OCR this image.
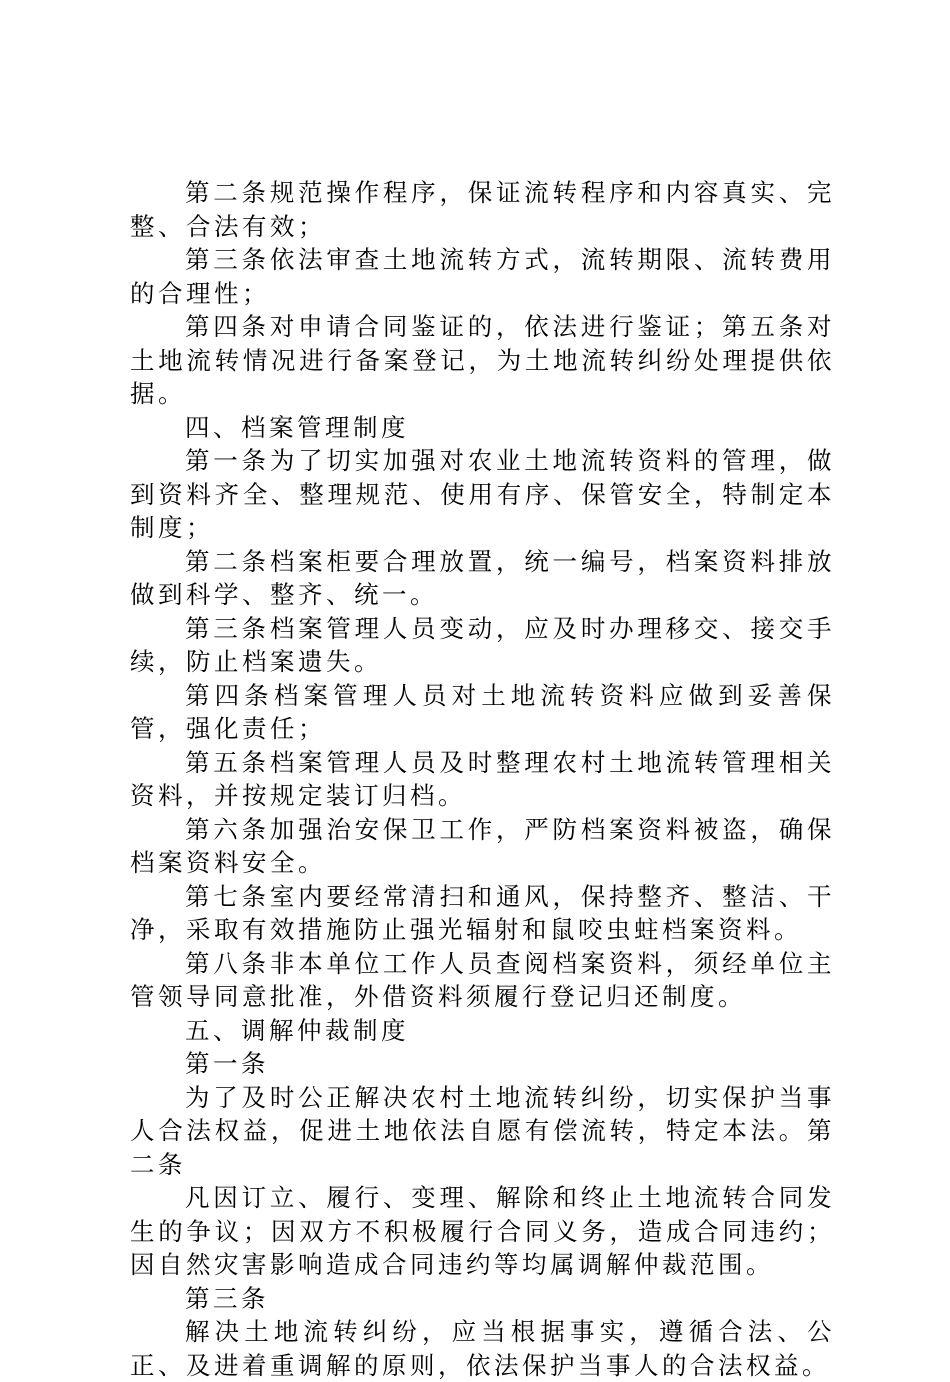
第二条规范操作程序，保证流转程序和内容真实、完整、合法有效；

第三条依法审查土地流转方式，流转期限、流转费用的合理性；

第四条对申请合同鉴证的，依法进行鉴证；第五条对土地流转情况进行备案登记，为土地流转纠纷处理提供依据。

四、档案管理制度

第一条为了切实加强对农业土地流转资料的管理，做到资料齐全、整理规范、使用有序、保管安全，特制定本制度；

第二条档案柜要合理放置，统一编号，档案资料排放做到科学、整齐、统一。

第三条档案管理人员变动，应及时办理移交、接交手续，防止档案遗失。

第四条档案管理人员对土地流转资料应做到妥善保管，强化责任；

第五条档案管理人员及时整理农村土地流转管理相关资料，并按规定装订归档。

第六条加强治安保卫工作，严防档案资料被盗，确保档案资料安全。

第七条室内要经常清扫和通风，保持整齐、整洁、干净，采取有效措施防止强光辐射和鼠咬虫蛀档案资料。

第八条非本单位工作人员查阅档案资料，须经单位主管领导同意批准，外借资料须履行登记归还制度。

五、调解仲裁制度

第一条

为了及时公正解决农村土地流转纠纷，切实保护当事人合法权益，促进土地依法自愿有偿流转，特定本法。第二条

凡因订立、履行、变理、解除和终止土地流转合同发生的争议；因双方不积极履行合同义务，造成合同违约；因自然灾害影响造成合同违约等均属调解仲裁范围。

第三条

解决土地流转纠纷，应当根据事实，遵循合法、公正、及进着重调解的原则，依法保护当事人的合法权益。
